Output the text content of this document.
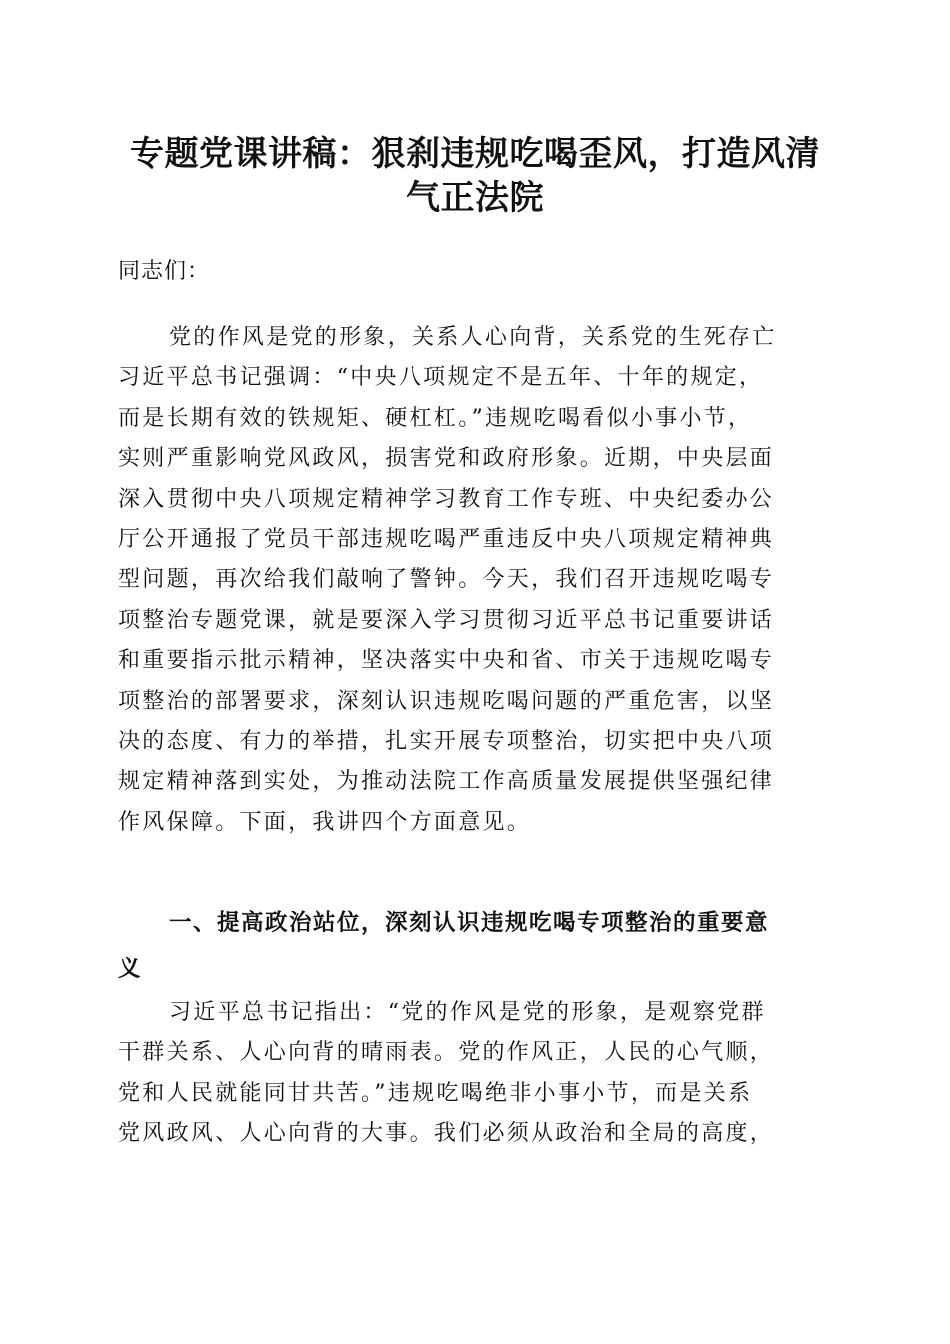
专题党课讲稿：狠刹违规吃喝歪风，打造风清
气正法院

同志们：

党的作风是党的形象，关系人心向背，关系党的生死存亡
习近平总书记强调：“中央八项规定不是五年、十年的规定，
而是长期有效的铁规矩、硬杠杠。”违规吃喝看似小事小节，
实则严重影响党风政风，损害党和政府形象。近期，中央层面
深入贯彻中央八项规定精神学习教育工作专班、中央纪委办公
厅公开通报了党员干部违规吃喝严重违反中央八项规定精神典
型问题，再次给我们敲响了警钟。今天，我们召开违规吃喝专
项整治专题党课，就是要深入学习贯彻习近平总书记重要讲话
和重要指示批示精神，坚决落实中央和省、市关于违规吃喝专
项整治的部署要求，深刻认识违规吃喝问题的严重危害，以坚
决的态度、有力的举措，扎实开展专项整治，切实把中央八项
规定精神落到实处，为推动法院工作高质量发展提供坚强纪律
作风保障。下面，我讲四个方面意见。
一、提高政治站位，深刻认识违规吃喝专项整治的重要意
义
习近平总书记指出：“党的作风是党的形象，是观察党群
干群关系、人心向背的晴雨表。党的作风正，人民的心气顺，
党和人民就能同甘共苦。”违规吃喝绝非小事小节，而是关系
党风政风、人心向背的大事。我们必须从政治和全局的高度，
